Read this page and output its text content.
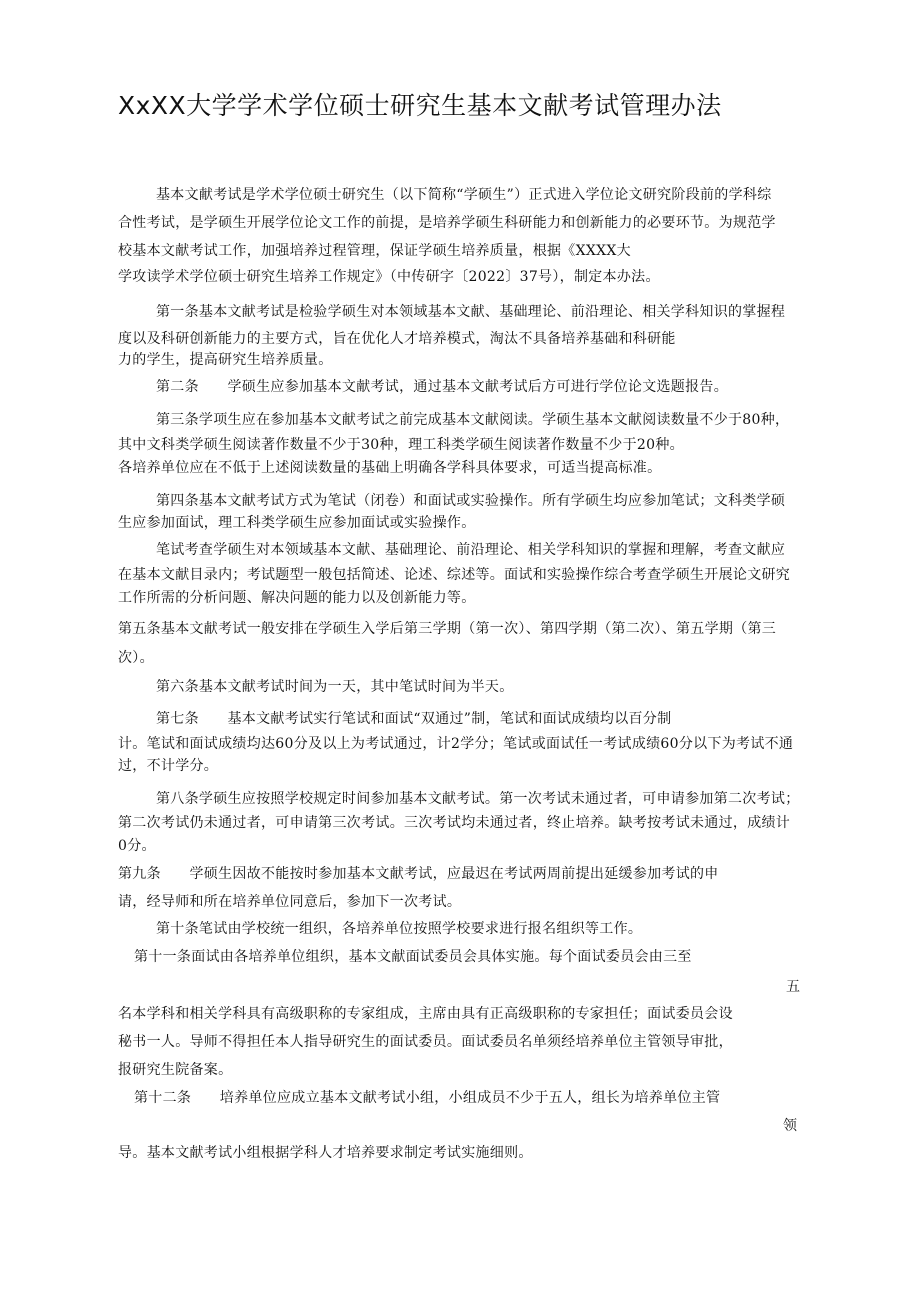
XxXX大学学术学位硕士研究生基本文献考试管理办法
基本文献考试是学术学位硕士研究生（以下简称“学硕生”）正式进入学位论文研究阶段前的学科综
合性考试，是学硕生开展学位论文工作的前提，是培养学硕生科研能力和创新能力的必要环节。为规范学
校基本文献考试工作，加强培养过程管理，保证学硕生培养质量，根据《XXXX大
学攻读学术学位硕士研究生培养工作规定》（中传研字〔2022〕37号），制定本办法。
第一条基本文献考试是检验学硕生对本领域基本文献、基础理论、前沿理论、相关学科知识的掌握程
度以及科研创新能力的主要方式，旨在优化人才培养模式，淘汰不具备培养基础和科研能
力的学生，提高研究生培养质量。
第二条　　学硕生应参加基本文献考试，通过基本文献考试后方可进行学位论文选题报告。
第三条学项生应在参加基本文献考试之前完成基本文献阅读。学硕生基本文献阅读数量不少于80种，
其中文科类学硕生阅读著作数量不少于30种，理工科类学硕生阅读著作数量不少于20种。
各培养单位应在不低于上述阅读数量的基础上明确各学科具体要求，可适当提高标准。
第四条基本文献考试方式为笔试（闭卷）和面试或实验操作。所有学硕生均应参加笔试；文科类学硕
生应参加面试，理工科类学硕生应参加面试或实验操作。
笔试考查学硕生对本领域基本文献、基础理论、前沿理论、相关学科知识的掌握和理解，考查文献应
在基本文献目录内；考试题型一般包括简述、论述、综述等。面试和实验操作综合考查学硕生开展论文研究
工作所需的分析问题、解决问题的能力以及创新能力等。
第五条基本文献考试一般安排在学硕生入学后第三学期（第一次）、第四学期（第二次）、第五学期（第三
次）。
第六条基本文献考试时间为一天，其中笔试时间为半天。
第七条　　基本文献考试实行笔试和面试“双通过”制，笔试和面试成绩均以百分制
计。笔试和面试成绩均达60分及以上为考试通过，计2学分；笔试或面试任一考试成绩60分以下为考试不通
过，不计学分。
第八条学硕生应按照学校规定时间参加基本文献考试。第一次考试未通过者，可申请参加第二次考试；
第二次考试仍未通过者，可申请第三次考试。三次考试均未通过者，终止培养。缺考按考试未通过，成绩计
0分。
第九条　　学硕生因故不能按时参加基本文献考试，应最迟在考试两周前提出延缓参加考试的申
请，经导师和所在培养单位同意后，参加下一次考试。
第十条笔试由学校统一组织，各培养单位按照学校要求进行报名组织等工作。
第十一条面试由各培养单位组织，基本文献面试委员会具体实施。每个面试委员会由三至
五
名本学科和相关学科具有高级职称的专家组成，主席由具有正高级职称的专家担任；面试委员会设
秘书一人。导师不得担任本人指导研究生的面试委员。面试委员名单须经培养单位主管领导审批，
报研究生院备案。
第十二条　　培养单位应成立基本文献考试小组，小组成员不少于五人，组长为培养单位主管
领
导。基本文献考试小组根据学科人才培养要求制定考试实施细则。
